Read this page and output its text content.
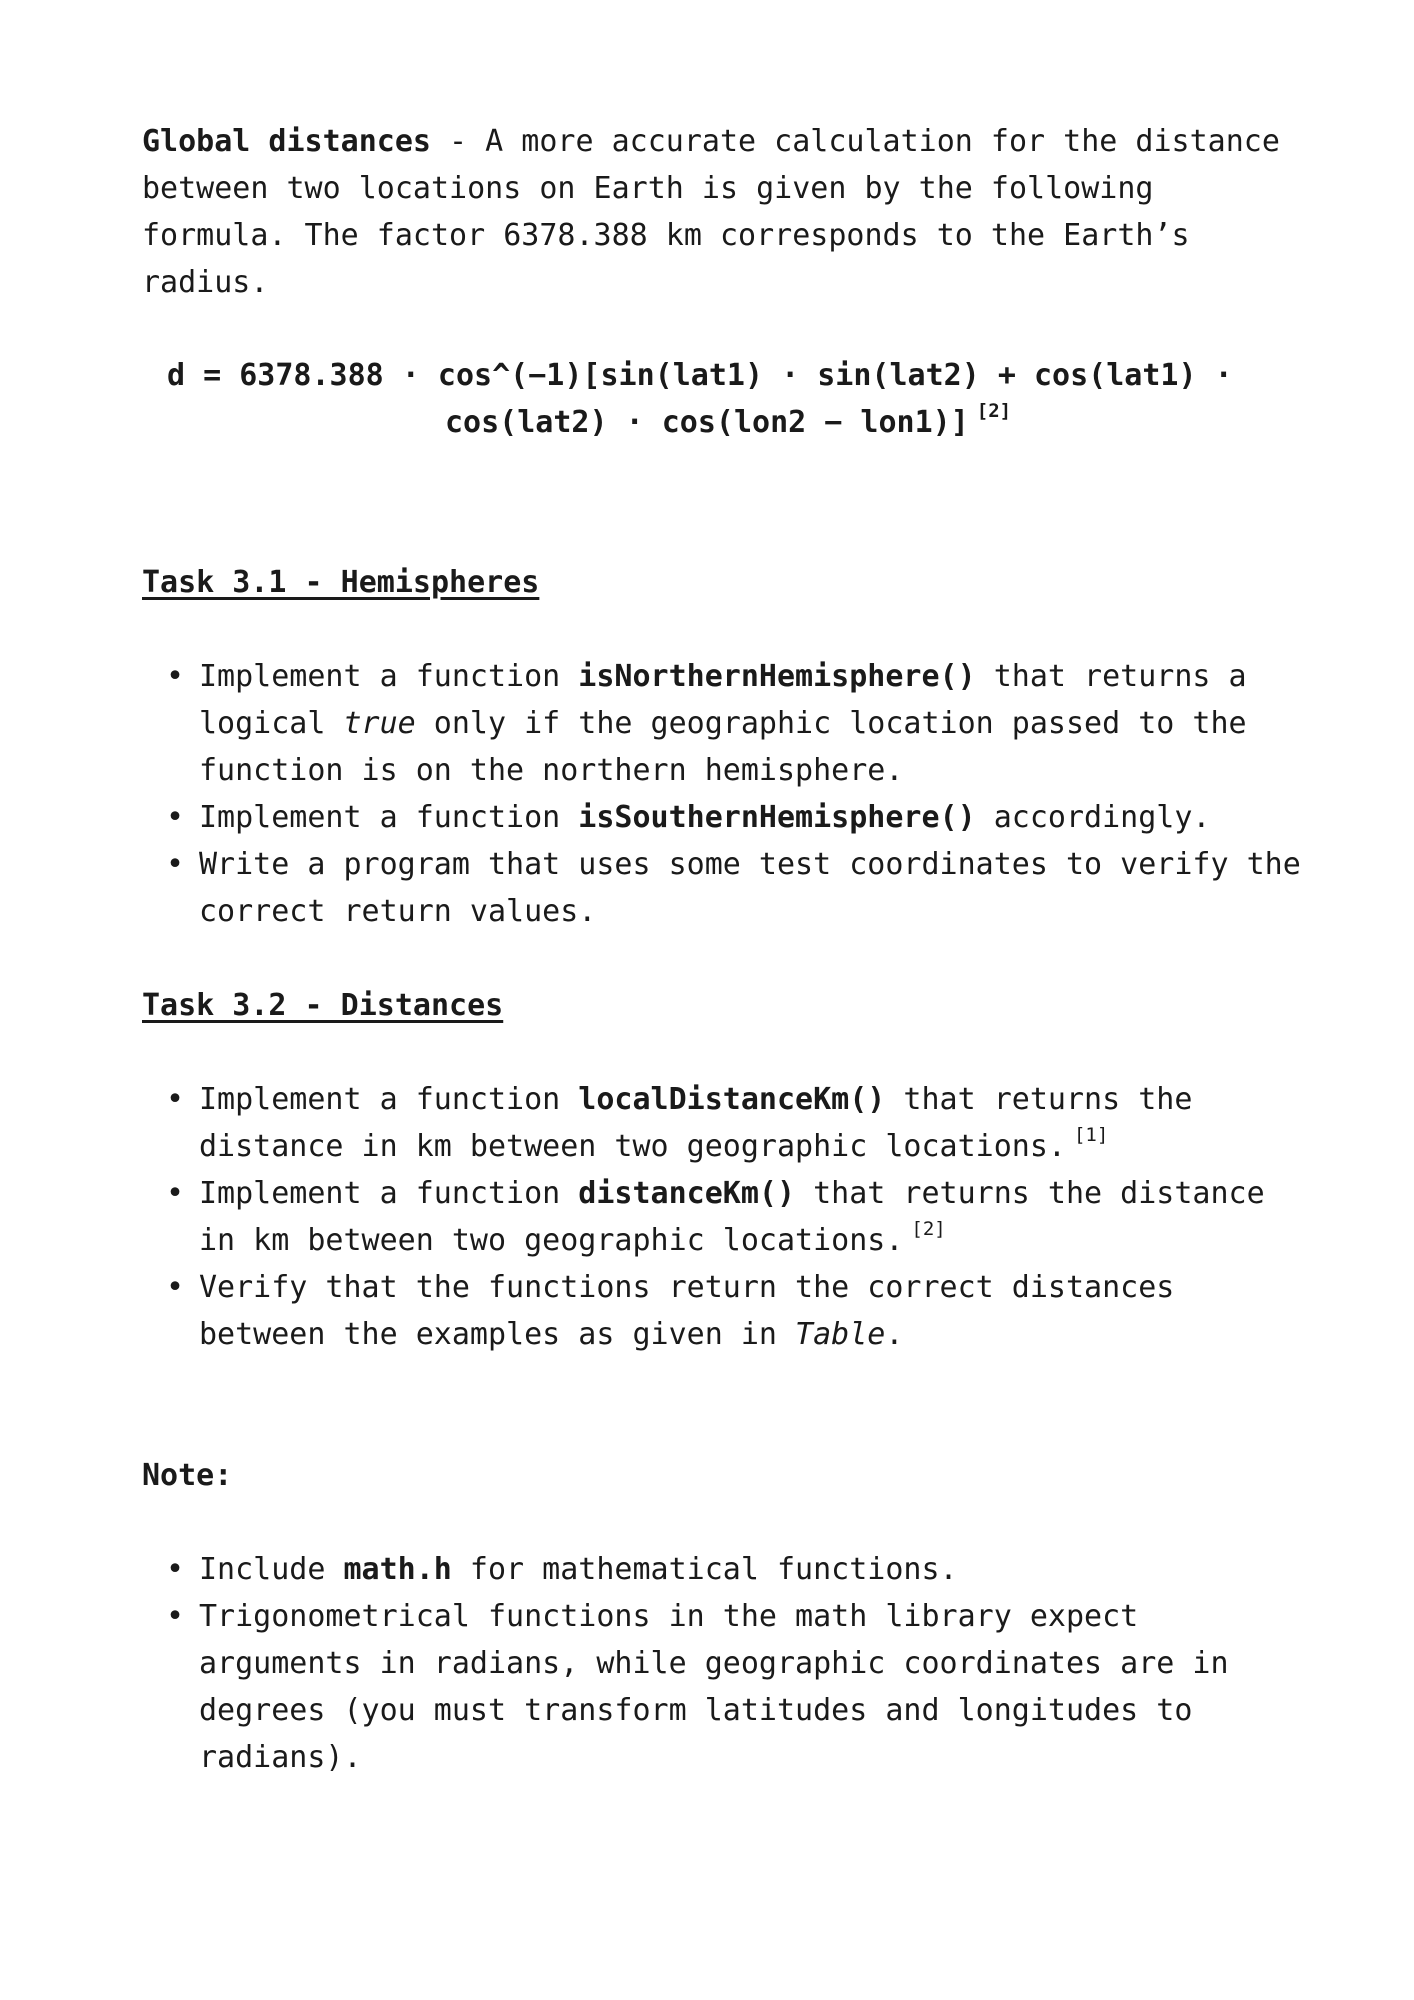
Global distances - A more accurate calculation for the distance between two locations on Earth is given by the following formula. The factor 6378.388 km corresponds to the Earth’s radius.

d = 6378.388 · cos^(−1)[sin(lat1) · sin(lat2) + cos(lat1) ·
cos(lat2) · cos(lon2 − lon1)] [2]

Task 3.1 - Hemispheres

• Implement a function isNorthernHemisphere() that returns a logical true only if the geographic location passed to the function is on the northern hemisphere.
• Implement a function isSouthernHemisphere() accordingly.
• Write a program that uses some test coordinates to verify the correct return values.

Task 3.2 - Distances

• Implement a function localDistanceKm() that returns the distance in km between two geographic locations. [1]
• Implement a function distanceKm() that returns the distance in km between two geographic locations. [2]
• Verify that the functions return the correct distances between the examples as given in Table.

Note:

• Include math.h for mathematical functions.
• Trigonometrical functions in the math library expect arguments in radians, while geographic coordinates are in degrees (you must transform latitudes and longitudes to radians).
